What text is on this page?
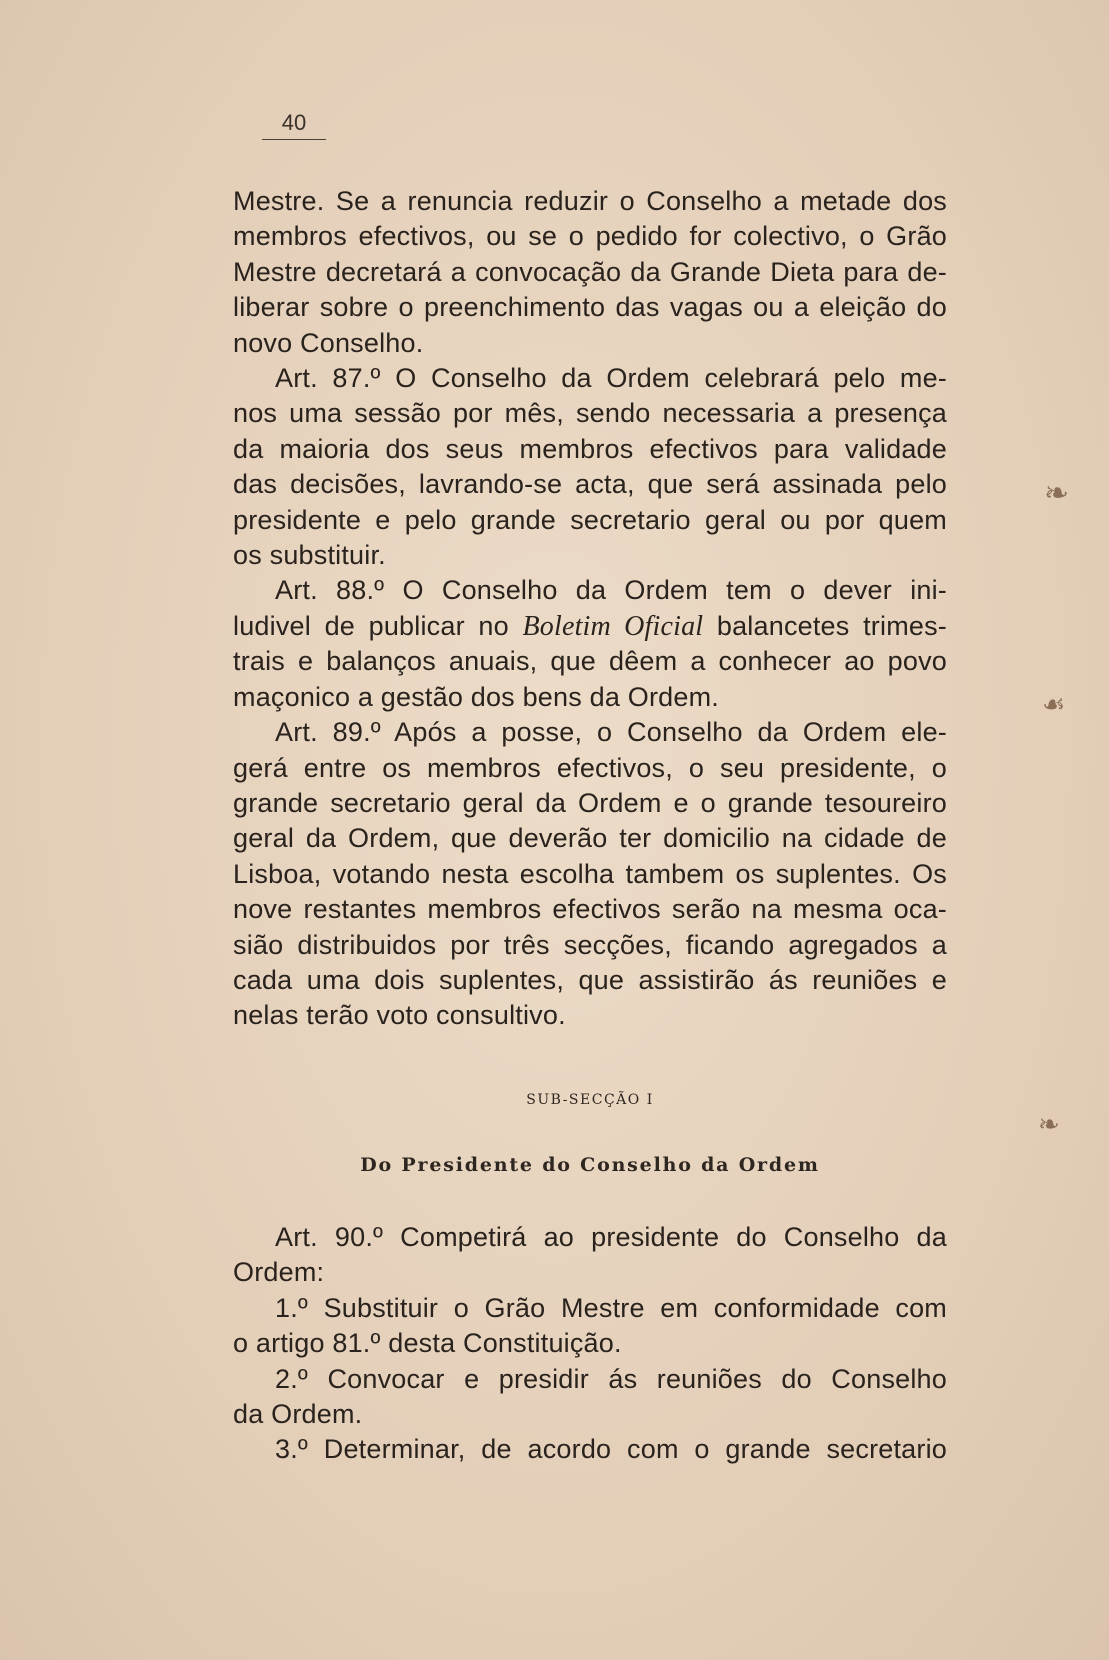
40

Mestre. Se a renuncia reduzir o Conselho a metade dos
membros efectivos, ou se o pedido for colectivo, o Grão
Mestre decretará a convocação da Grande Dieta para de-
liberar sobre o preenchimento das vagas ou a eleição do
novo Conselho.

Art. 87.º O Conselho da Ordem celebrará pelo me-
nos uma sessão por mês, sendo necessaria a presença
da maioria dos seus membros efectivos para validade
das decisões, lavrando-se acta, que será assinada pelo
presidente e pelo grande secretario geral ou por quem
os substituir.

Art. 88.º O Conselho da Ordem tem o dever ini-
ludivel de publicar no Boletim Oficial balancetes trimes-
trais e balanços anuais, que dêem a conhecer ao povo
maçonico a gestão dos bens da Ordem.

Art. 89.º Após a posse, o Conselho da Ordem ele-
gerá entre os membros efectivos, o seu presidente, o
grande secretario geral da Ordem e o grande tesoureiro
geral da Ordem, que deverão ter domicilio na cidade de
Lisboa, votando nesta escolha tambem os suplentes. Os
nove restantes membros efectivos serão na mesma oca-
sião distribuidos por três secções, ficando agregados a
cada uma dois suplentes, que assistirão ás reuniões e
nelas terão voto consultivo.

SUB-SECÇÃO I
Do Presidente do Conselho da Ordem

Art. 90.º Competirá ao presidente do Conselho da
Ordem:

1.º Substituir o Grão Mestre em conformidade com
o artigo 81.º desta Constituição.

2.º Convocar e presidir ás reuniões do Conselho
da Ordem.

3.º Determinar, de acordo com o grande secretario

❧
☙
❧
